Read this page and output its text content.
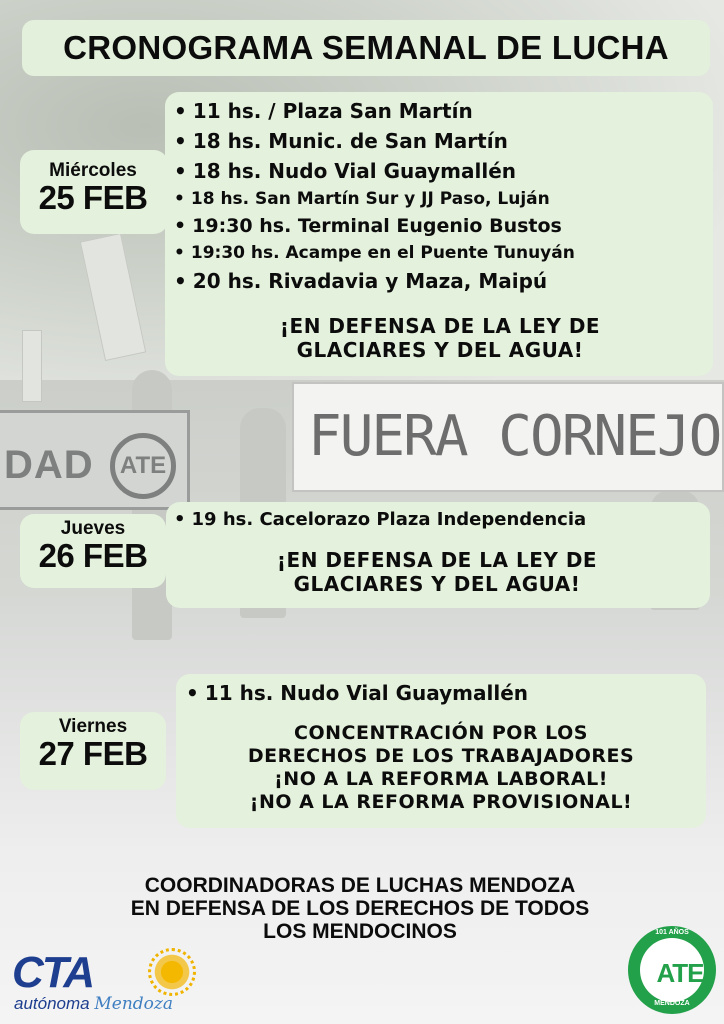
DAD	ATE	FUERA CORNEJO
CRONOGRAMA SEMANAL DE LUCHA
Miércoles
25 FEB
• 11 hs. / Plaza San Martín
• 18 hs. Munic. de San Martín
• 18 hs. Nudo Vial Guaymallén
• 18 hs. San Martín Sur y JJ Paso, Luján
• 19:30 hs. Terminal Eugenio Bustos
• 19:30 hs. Acampe en el Puente Tunuyán
• 20 hs. Rivadavia y Maza, Maipú
¡EN DEFENSA DE LA LEY DE
GLACIARES Y DEL AGUA!
Jueves
26 FEB
• 19 hs. Cacelorazo Plaza Independencia
¡EN DEFENSA DE LA LEY DE
GLACIARES Y DEL AGUA!
Viernes
27 FEB
• 11 hs. Nudo Vial Guaymallén
CONCENTRACIÓN POR LOS
DERECHOS DE LOS TRABAJADORES
¡NO A LA REFORMA LABORAL!
¡NO A LA REFORMA PROVISIONAL!
COORDINADORAS DE LUCHAS MENDOZA
EN DEFENSA DE LOS DERECHOS DE TODOS
LOS MENDOCINOS
CTA
autónoma Mendoza
101 AÑOS
ATE
MENDOZA
